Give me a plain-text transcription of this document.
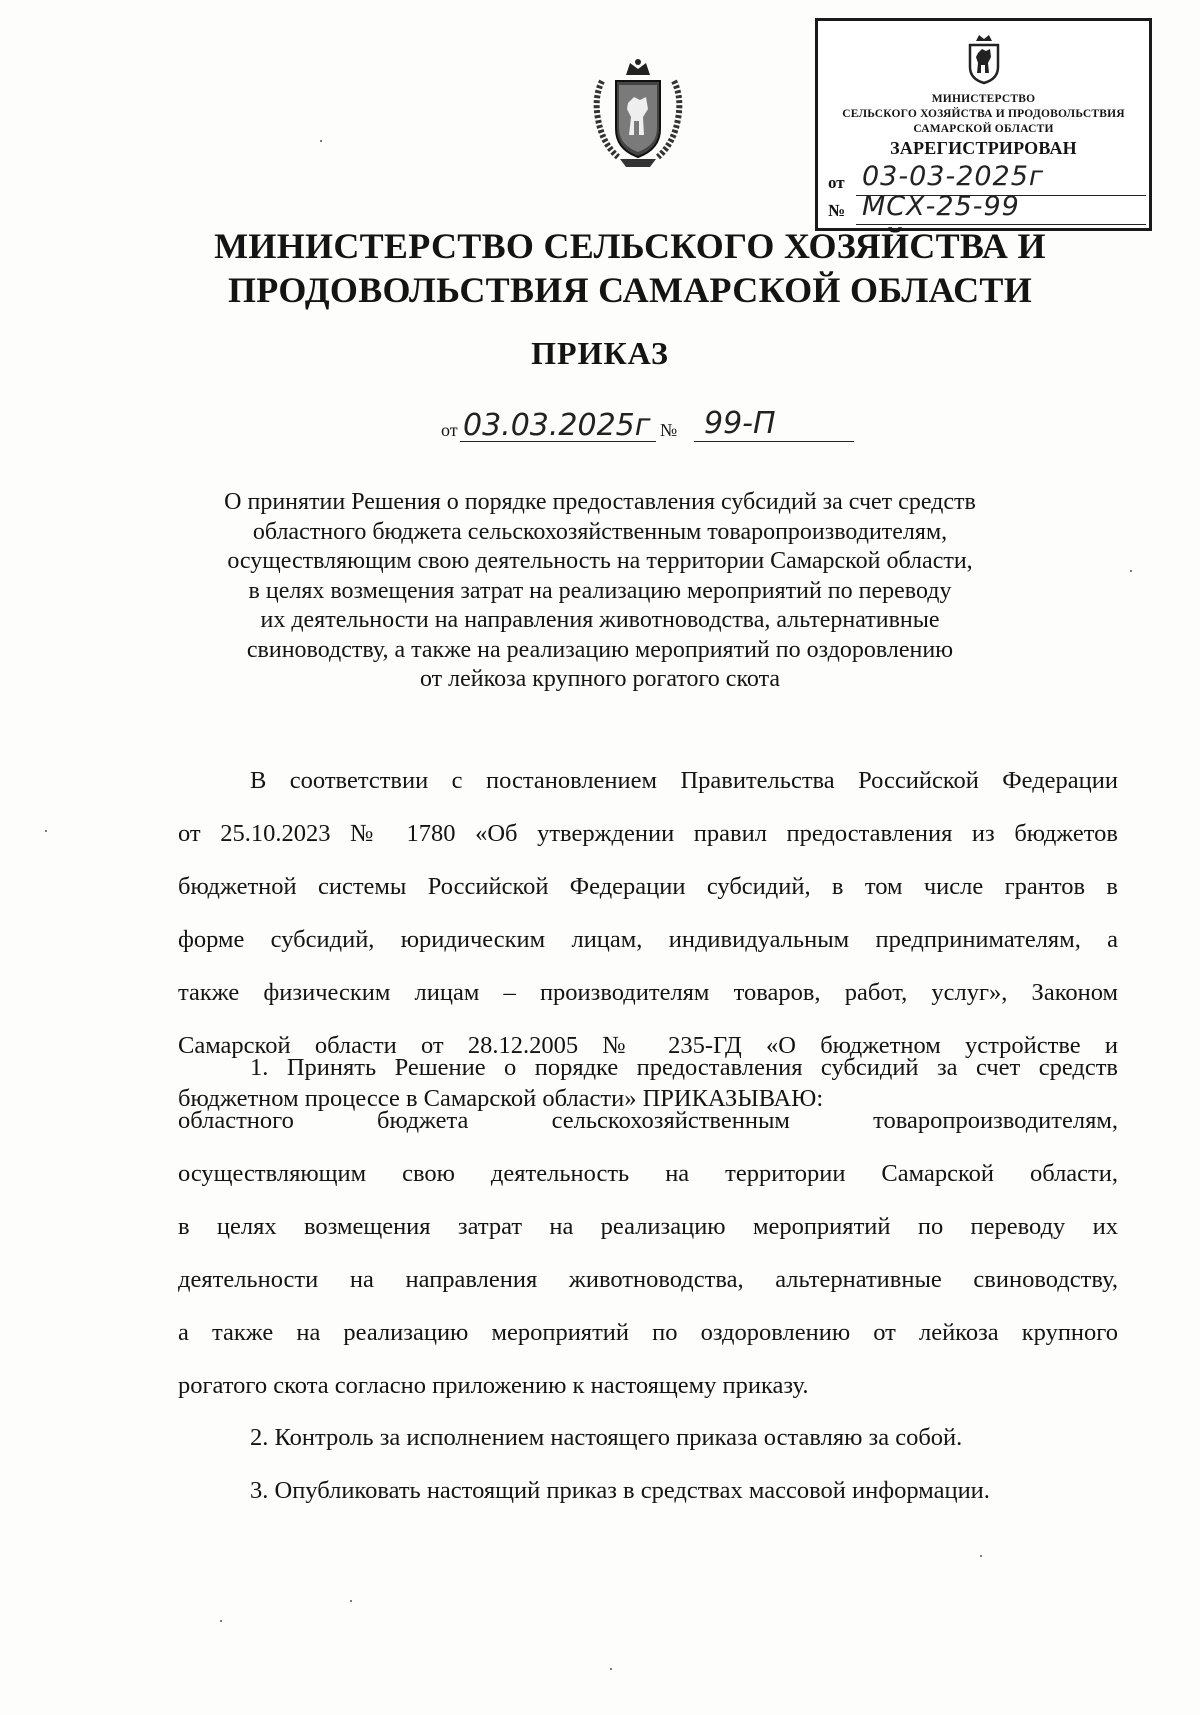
МИНИСТЕРСТВО
СЕЛЬСКОГО ХОЗЯЙСТВА И ПРОДОВОЛЬСТВИЯ
САМАРСКОЙ ОБЛАСТИ
ЗАРЕГИСТРИРОВАН
от 03-03-2025г
№ МСХ-25-99
МИНИСТЕРСТВО СЕЛЬСКОГО ХОЗЯЙСТВА И
ПРОДОВОЛЬСТВИЯ САМАРСКОЙ ОБЛАСТИ
ПРИКАЗ
от 03.03.2025г № 99-П
О принятии Решения о порядке предоставления субсидий за счет средств
областного бюджета сельскохозяйственным товаропроизводителям,
осуществляющим свою деятельность на территории Самарской области,
в целях возмещения затрат на реализацию мероприятий по переводу
их деятельности на направления животноводства, альтернативные
свиноводству, а также на реализацию мероприятий по оздоровлению
от лейкоза крупного рогатого скота
В соответствии с постановлением Правительства Российской Федерации
от 25.10.2023 № 1780 «Об утверждении правил предоставления из бюджетов
бюджетной системы Российской Федерации субсидий, в том числе грантов в
форме субсидий, юридическим лицам, индивидуальным предпринимателям, а
также физическим лицам – производителям товаров, работ, услуг», Законом
Самарской области от 28.12.2005 № 235-ГД «О бюджетном устройстве и
бюджетном процессе в Самарской области» ПРИКАЗЫВАЮ:
1. Принять Решение о порядке предоставления субсидий за счет средств
областного бюджета сельскохозяйственным товаропроизводителям,
осуществляющим свою деятельность на территории Самарской области,
в целях возмещения затрат на реализацию мероприятий по переводу их
деятельности на направления животноводства, альтернативные свиноводству,
а также на реализацию мероприятий по оздоровлению от лейкоза крупного
рогатого скота согласно приложению к настоящему приказу.
2. Контроль за исполнением настоящего приказа оставляю за собой.
3. Опубликовать настоящий приказ в средствах массовой информации.
